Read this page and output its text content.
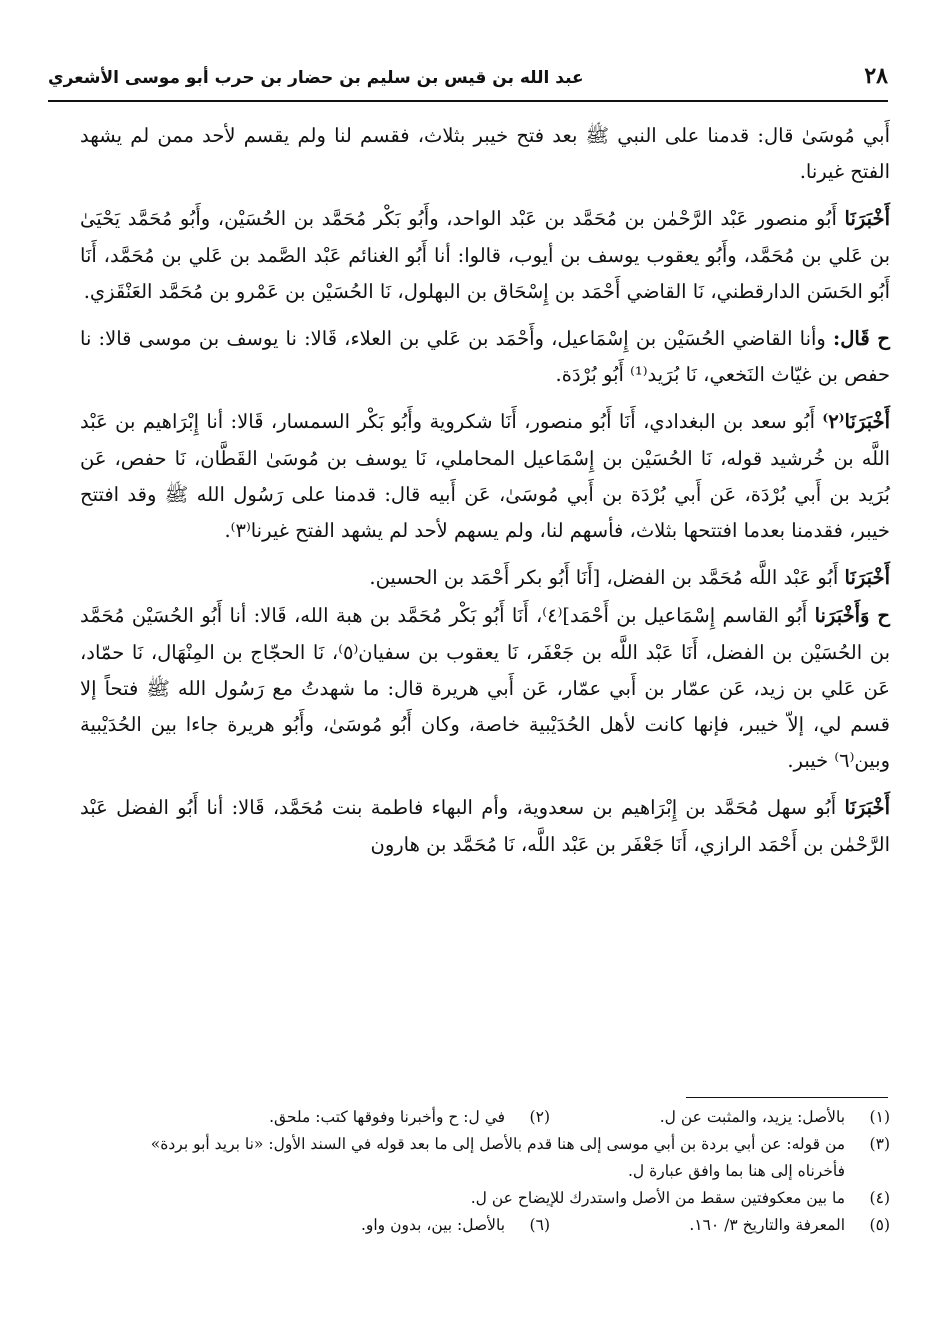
٢٨
عبد الله بن قيس بن سليم بن حضار بن حرب أبو موسى الأشعري

أَبي مُوسَىٰ قال: قدمنا على النبي ﷺ بعد فتح خيبر بثلاث، فقسم لنا ولم يقسم لأحد ممن لم يشهد الفتح غيرنا.

أَخْبَرَنَا أَبُو منصور عَبْد الرَّحْمٰن بن مُحَمَّد بن عَبْد الواحد، وأَبُو بَكْر مُحَمَّد بن الحُسَيْن، وأَبُو مُحَمَّد يَحْيَىٰ بن عَلي بن مُحَمَّد، وأَبُو يعقوب يوسف بن أيوب، قالوا: أنا أَبُو الغنائم عَبْد الصَّمد بن عَلي بن مُحَمَّد، أَنَا أَبُو الحَسَن الدارقطني، نَا القاضي أَحْمَد بن إِسْحَاق بن البهلول، نَا الحُسَيْن بن عَمْرو بن مُحَمَّد العَنْقَزي.

ح قَال: وأنا القاضي الحُسَيْن بن إِسْمَاعيل، وأَحْمَد بن عَلي بن العلاء، قَالا: نا يوسف بن موسى قالا: نا حفص بن غيّاث النَخعي، نَا بُرَيد⁽¹⁾ أَبُو بُرْدَة.

أَخْبَرَنَا⁽٢⁾ أَبُو سعد بن البغدادي، أَنَا أَبُو منصور، أَنَا شكروية وأَبُو بَكْر السمسار، قَالا: أنا إِبْرَاهيم بن عَبْد اللَّه بن خُرشيد قوله، نَا الحُسَيْن بن إِسْمَاعيل المحاملي، نَا يوسف بن مُوسَىٰ القَطَّان، نَا حفص، عَن بُرَيد بن أَبي بُرْدَة، عَن أَبي بُرْدَة بن أَبي مُوسَىٰ، عَن أَبيه قال: قدمنا على رَسُول الله ﷺ وقد افتتح خيبر، فقدمنا بعدما افتتحها بثلاث، فأسهم لنا، ولم يسهم لأحد لم يشهد الفتح غيرنا⁽٣⁾.

أَخْبَرَنَا أَبُو عَبْد اللَّه مُحَمَّد بن الفضل، [أَنَا أَبُو بكر أَحْمَد بن الحسين.

ح وَأَخْبَرَنا أَبُو القاسم إِسْمَاعيل بن أَحْمَد]⁽٤⁾، أَنَا أَبُو بَكْر مُحَمَّد بن هبة الله، قَالا: أنا أَبُو الحُسَيْن مُحَمَّد بن الحُسَيْن بن الفضل، أَنَا عَبْد اللَّه بن جَعْفَر، نَا يعقوب بن سفيان⁽٥⁾، نَا الحجّاج بن المِنْهَال، نَا حمّاد، عَن عَلي بن زيد، عَن عمّار بن أَبي عمّار، عَن أَبي هريرة قال: ما شهدتُ مع رَسُول الله ﷺ فتحاً إلا قسم لي، إلاّ خيبر، فإنها كانت لأهل الحُدَيْبية خاصة، وكان أَبُو مُوسَىٰ، وأَبُو هريرة جاءا بين الحُدَيْبية وبين⁽٦⁾ خيبر.

أَخْبَرَنَا أَبُو سهل مُحَمَّد بن إِبْرَاهيم بن سعدوية، وأم البهاء فاطمة بنت مُحَمَّد، قَالا: أنا أَبُو الفضل عَبْد الرَّحْمٰن بن أَحْمَد الرازي، أَنَا جَعْفَر بن عَبْد اللَّه، نَا مُحَمَّد بن هارون

(١) بالأصل: يزيد، والمثبت عن ل.
(٢) في ل: ح وأخبرنا وفوقها كتب: ملحق.
(٣) من قوله: عن أبي بردة بن أبي موسى إلى هنا قدم بالأصل إلى ما بعد قوله في السند الأول: «نا بريد أبو بردة»
فأخرناه إلى هنا بما وافق عبارة ل.
(٤) ما بين معكوفتين سقط من الأصل واستدرك للإيضاح عن ل.
(٥) المعرفة والتاريخ ٣/ ١٦٠.
(٦) بالأصل: بين، بدون واو.
